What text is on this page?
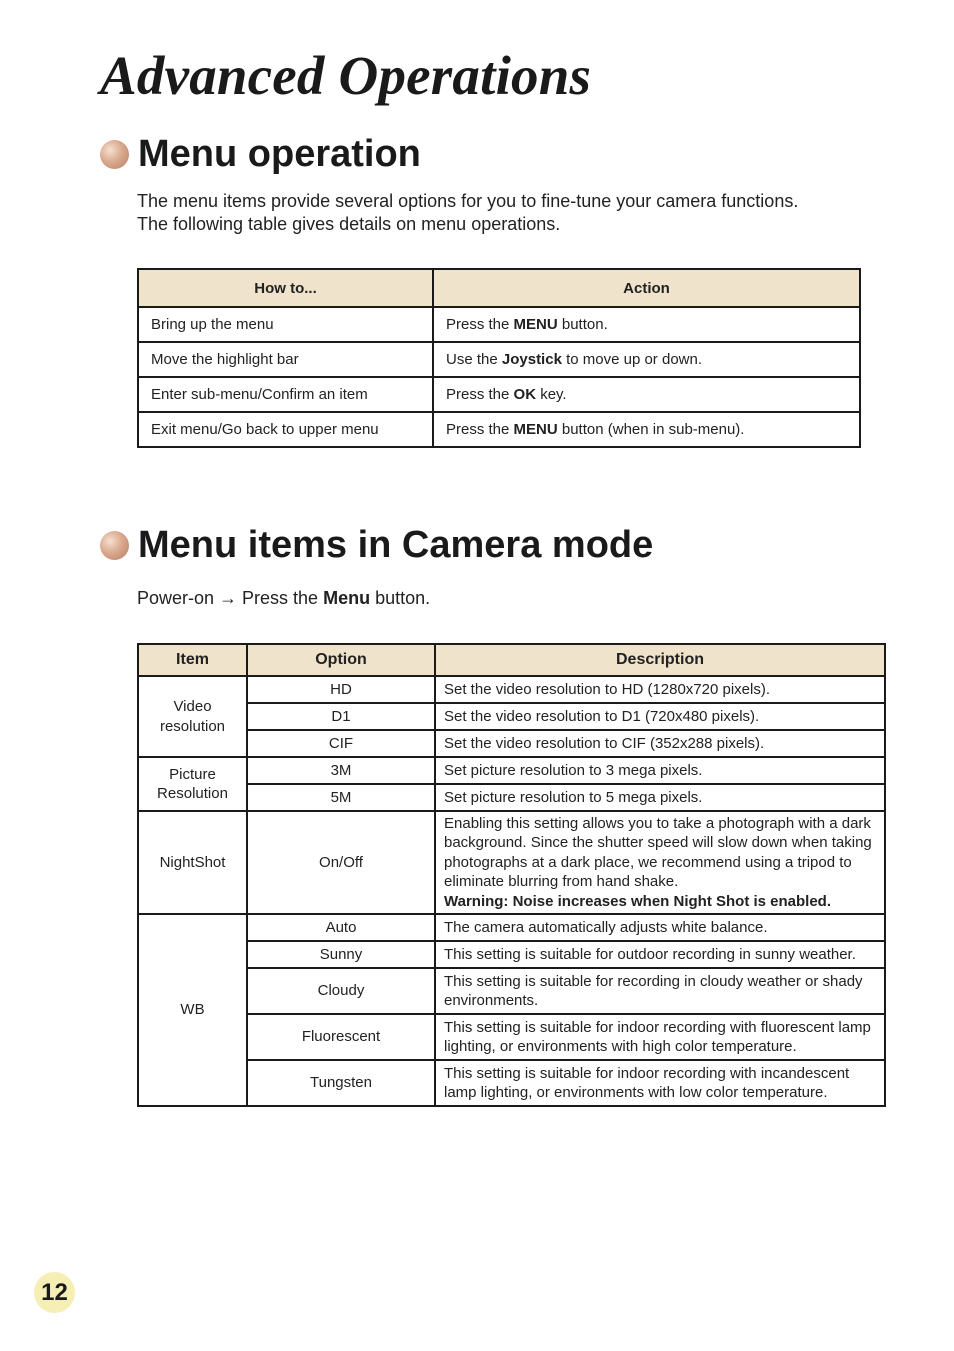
Advanced Operations
Menu operation

The menu items provide several options for you to fine-tune your camera functions.

The following table gives details on menu operations.

How to...	Action
Bring up the menu	Press the MENU button.
Move the highlight bar	Use the Joystick to move up or down.
Enter sub-menu/Confirm an item	Press the OK key.
Exit menu/Go back to upper menu	Press the MENU button (when in sub-menu).
Menu items in Camera mode

Power-on → Press the Menu button.

Item	Option	Description
Video resolution	HD	Set the video resolution to HD (1280x720 pixels).
	D1	Set the video resolution to D1 (720x480 pixels).
	CIF	Set the video resolution to CIF (352x288 pixels).
Picture Resolution	3M	Set picture resolution to 3 mega pixels.
	5M	Set picture resolution to 5 mega pixels.
NightShot	On/Off	Enabling this setting allows you to take a photograph with a dark background. Since the shutter speed will slow down when taking photographs at a dark place, we recommend using a tripod to eliminate blurring from hand shake.
Warning: Noise increases when Night Shot is enabled.
WB	Auto	The camera automatically adjusts white balance.
	Sunny	This setting is suitable for outdoor recording in sunny weather.
	Cloudy	This setting is suitable for recording in cloudy weather or shady environments.
	Fluorescent	This setting is suitable for indoor recording with fluorescent lamp lighting, or environments with high color temperature.
	Tungsten	This setting is suitable for indoor recording with incandescent lamp lighting, or environments with low color temperature.
12
